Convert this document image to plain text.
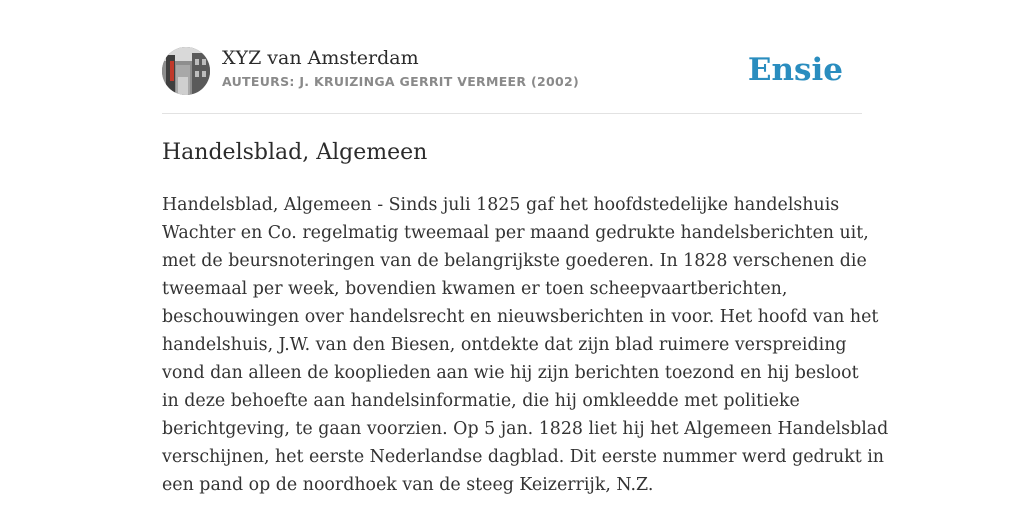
XYZ van Amsterdam
AUTEURS: J. KRUIZINGA GERRIT VERMEER (2002)	Ensie
Handelsblad, Algemeen
Handelsblad, Algemeen - Sinds juli 1825 gaf het hoofdstedelijke handelshuis
Wachter en Co. regelmatig tweemaal per maand gedrukte handelsberichten uit,
met de beursnoteringen van de belangrijkste goederen. In 1828 verschenen die
tweemaal per week, bovendien kwamen er toen scheepvaartberichten,
beschouwingen over handelsrecht en nieuwsberichten in voor. Het hoofd van het
handelshuis, J.W. van den Biesen, ontdekte dat zijn blad ruimere verspreiding
vond dan alleen de kooplieden aan wie hij zijn berichten toezond en hij besloot
in deze behoefte aan handelsinformatie, die hij omkleedde met politieke
berichtgeving, te gaan voorzien. Op 5 jan. 1828 liet hij het Algemeen Handelsblad
verschijnen, het eerste Nederlandse dagblad. Dit eerste nummer werd gedrukt in
een pand op de noordhoek van de steeg Keizerrijk, N.Z.
